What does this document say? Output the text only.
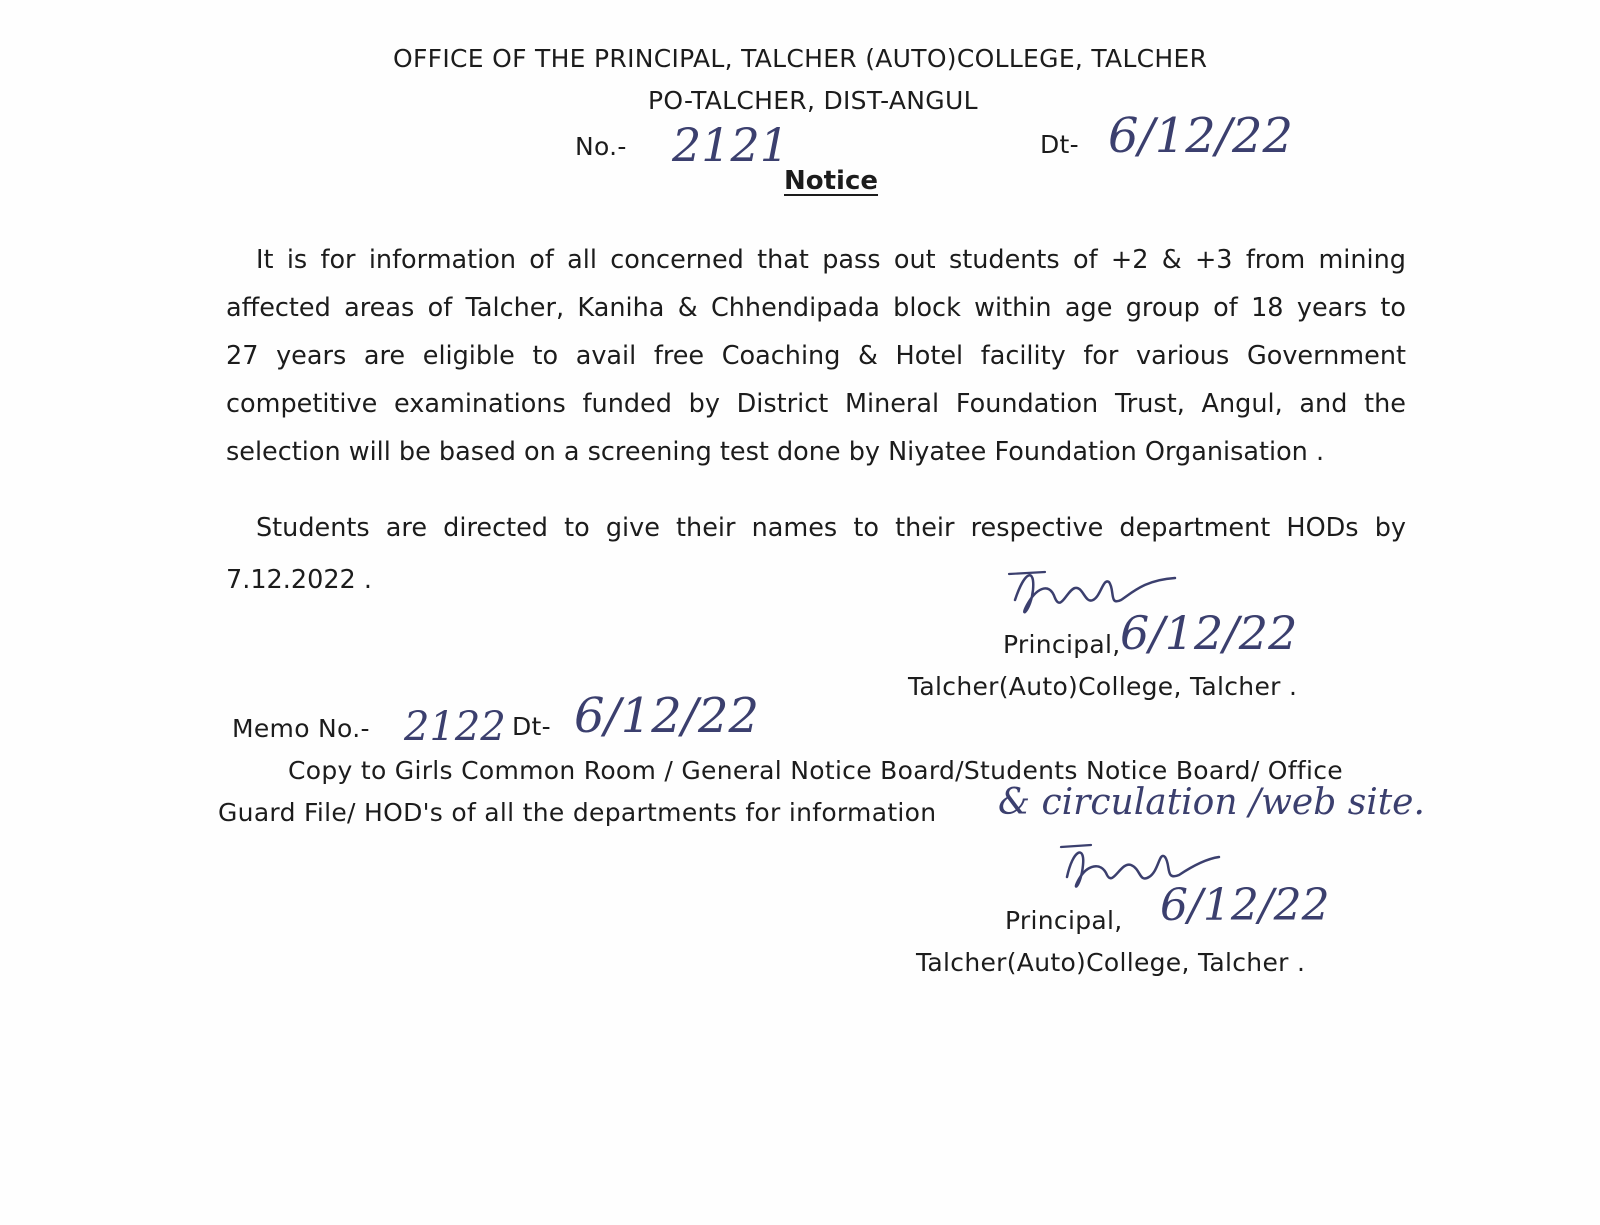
OFFICE OF THE PRINCIPAL, TALCHER (AUTO)COLLEGE, TALCHER
PO-TALCHER, DIST-ANGUL
No.- 2121	Dt- 6/12/22
Notice
It is for information of all concerned that pass out students of +2 & +3 from mining
affected areas of Talcher, Kaniha & Chhendipada block within age group of 18 years to
27 years are eligible to avail free Coaching & Hotel facility for various Government
competitive examinations funded by District Mineral Foundation Trust, Angul, and the
selection will be based on a screening test done by Niyatee Foundation Organisation .
Students are directed to give their names to their respective department HODs by
7.12.2022 .
6/12/22
Principal,
Talcher(Auto)College, Talcher .
Memo No.- 2122 Dt- 6/12/22
Copy to Girls Common Room / General Notice Board/Students Notice Board/ Office
Guard File/ HOD's of all the departments for information & circulation /web site.
6/12/22
Principal,
Talcher(Auto)College, Talcher .
